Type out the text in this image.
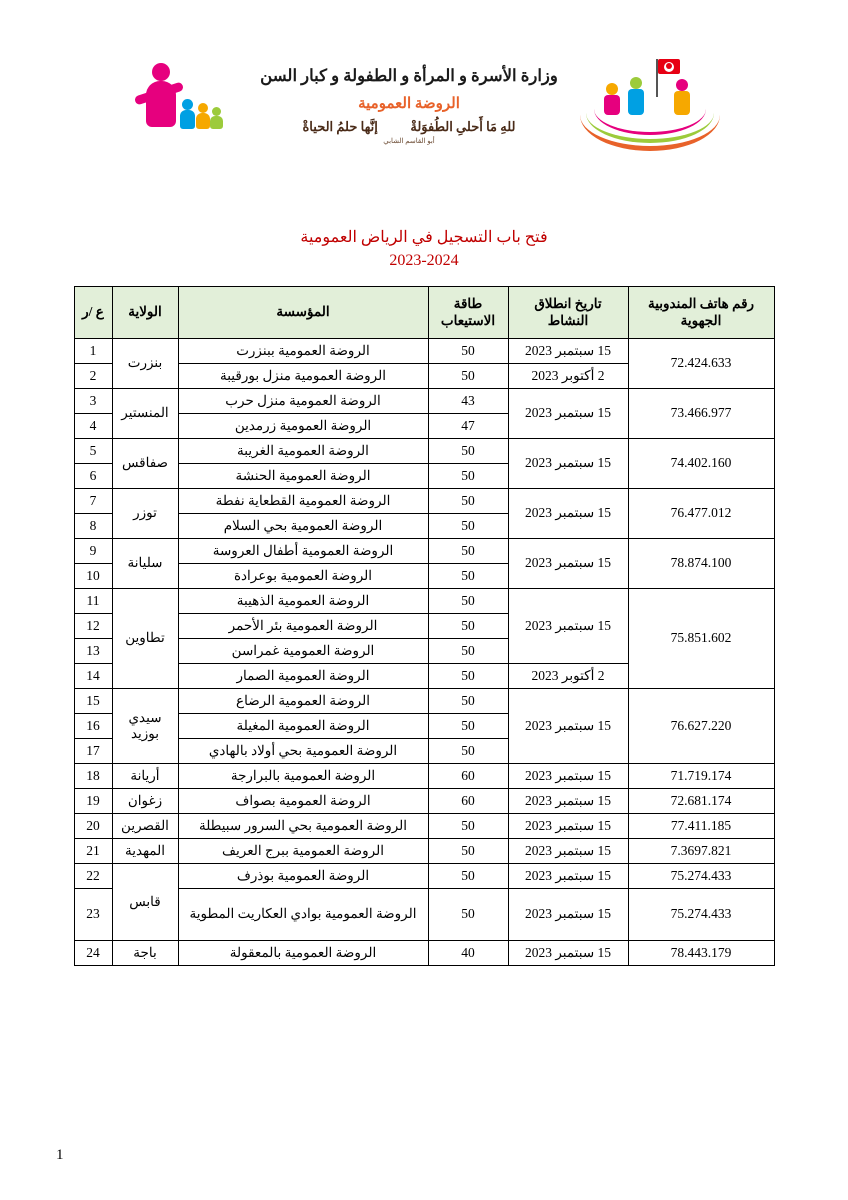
وزارة الأسرة و المرأة و الطفولة و كبار السن
الروضة العمومية
للهِ مَا أَحلىِ الطُفوَلةْ  إنَّها حلمُ الحياةْ
أبو القاسم الشابي
فتح باب التسجيل في الرياض العمومية
2023-2024
رقم هاتف المندوبية الجهوية	تاريخ انطلاق النشاط	طاقة الاستيعاب	المؤسسة	الولاية	ع /ر
72.424.633	15 سبتمبر 2023	50	الروضة العمومية ببنزرت	بنزرت	1
	2 أكتوبر 2023	50	الروضة العمومية منزل بورقيبة		2
73.466.977	15 سبتمبر 2023	43	الروضة العمومية منزل حرب	المنستير	3
		47	الروضة العمومية زرمدين		4
74.402.160	15 سبتمبر 2023	50	الروضة العمومية الغريبة	صفاقس	5
		50	الروضة العمومية الحنشة		6
76.477.012	15 سبتمبر 2023	50	الروضة العمومية القطعاية نفطة	توزر	7
		50	الروضة العمومية بحي السلام		8
78.874.100	15 سبتمبر 2023	50	الروضة العمومية أطفال العروسة	سليانة	9
		50	الروضة العمومية بوعرادة		10
75.851.602	15 سبتمبر 2023	50	الروضة العمومية الذهيبة	تطاوين	11
		50	الروضة العمومية بئر الأحمر		12
		50	الروضة العمومية غمراسن		13
	2 أكتوبر 2023	50	الروضة العمومية الصمار		14
76.627.220	15 سبتمبر 2023	50	الروضة العمومية الرضاع	سيدي بوزيد	15
		50	الروضة العمومية المغيلة		16
		50	الروضة العمومية بحي أولاد بالهادي		17
71.719.174	15 سبتمبر 2023	60	الروضة العمومية بالبرارجة	أريانة	18
72.681.174	15 سبتمبر 2023	60	الروضة العمومية بصواف	زغوان	19
77.411.185	15 سبتمبر 2023	50	الروضة العمومية بحي السرور سبيطلة	القصرين	20
7.3697.821	15 سبتمبر 2023	50	الروضة العمومية ببرج العريف	المهدية	21
75.274.433	15 سبتمبر 2023	50	الروضة العمومية بوذرف	قابس	22
75.274.433	15 سبتمبر 2023	50	الروضة العمومية بوادي العكاريت المطوية		23
78.443.179	15 سبتمبر 2023	40	الروضة العمومية بالمعقولة	باجة	24
1
